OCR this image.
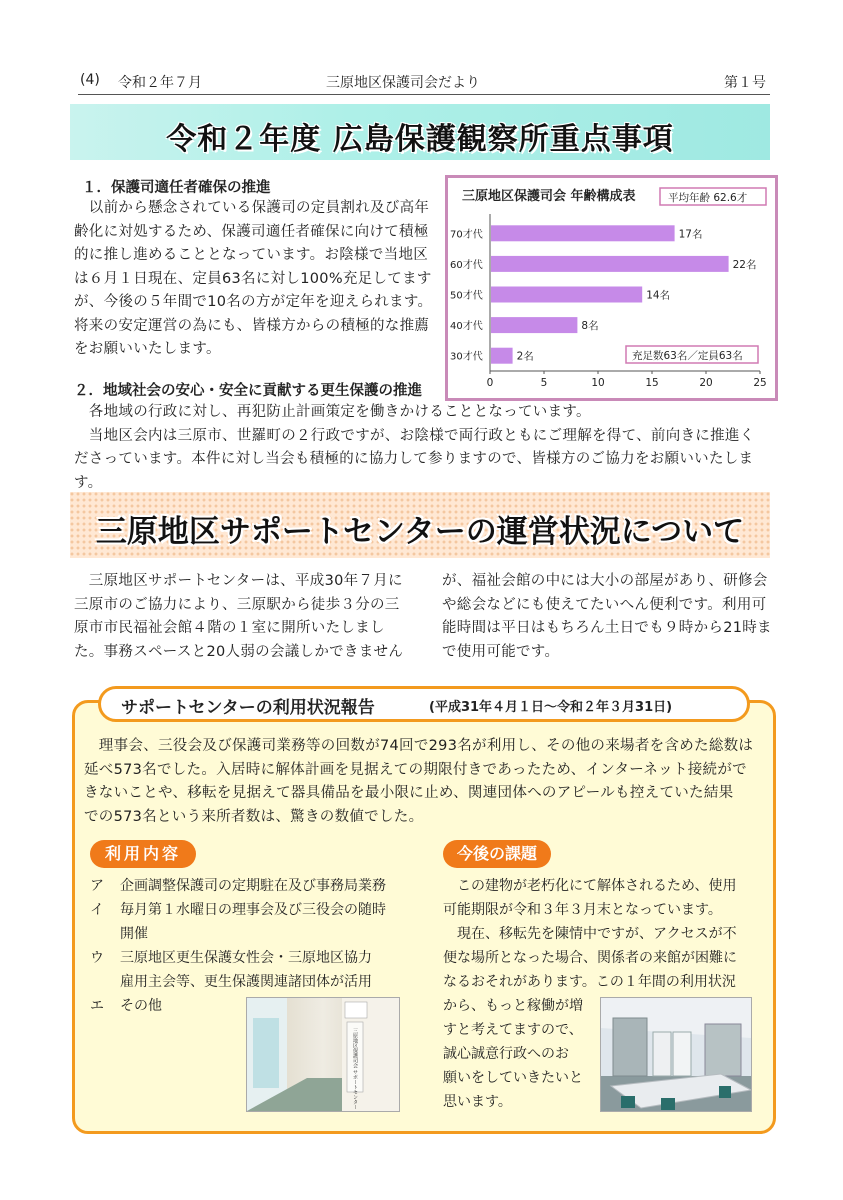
(4) 令和２年７月	三原地区保護司会だより	第１号
令和２年度 広島保護観察所重点事項
１．保護司適任者確保の推進
　以前から懸念されている保護司の定員割れ及び高年
齢化に対処するため、保護司適任者確保に向けて積極
的に推し進めることとなっています。お陰様で当地区
は６月１日現在、定員63名に対し100%充足してます
が、今後の５年間で10名の方が定年を迎えられます。
将来の安定運営の為にも、皆様方からの積極的な推薦
をお願いいたします。
三原地区保護司会 年齢構成表	平均年齢 62.6才
70才代	17名
60才代	22名
50才代	14名
40才代	8名
30才代	2名
0	5	10	15	20	25
充足数63名／定員63名
２．地域社会の安心・安全に貢献する更生保護の推進
　各地域の行政に対し、再犯防止計画策定を働きかけることとなっています。
　当地区会内は三原市、世羅町の２行政ですが、お陰様で両行政ともにご理解を得て、前向きに推進く
ださっています。本件に対し当会も積極的に協力して参りますので、皆様方のご協力をお願いいたします。
三原地区サポートセンターの運営状況について
　三原地区サポートセンターは、平成30年７月に
三原市のご協力により、三原駅から徒歩３分の三
原市市民福祉会館４階の１室に開所いたしまし
た。事務スペースと20人弱の会議しかできません
が、福祉会館の中には大小の部屋があり、研修会
や総会などにも使えてたいへん便利です。利用可
能時間は平日はもちろん土日でも９時から21時ま
で使用可能です。
サポートセンターの利用状況報告	(平成31年４月１日～令和２年３月31日)
　理事会、三役会及び保護司業務等の回数が74回で293名が利用し、その他の来場者を含めた総数は
延べ573名でした。入居時に解体計画を見据えての期限付きであったため、インターネット接続がで
きないことや、移転を見据えて器具備品を最小限に止め、関連団体へのアピールも控えていた結果
での573名という来所者数は、驚きの数値でした。
利用内容
ア 企画調整保護司の定期駐在及び事務局業務
イ 毎月第１水曜日の理事会及び三役会の随時
開催
ウ 三原地区更生保護女性会・三原地区協力
雇用主会等、更生保護関連諸団体が活用
エ その他
今後の課題
　この建物が老朽化にて解体されるため、使用
可能期限が令和３年３月末となっています。
　現在、移転先を陳情中ですが、アクセスが不
便な場所となった場合、関係者の来館が困難に
なるおそれがあります。この１年間の利用状況
から、もっと稼働が増
すと考えてますので、
誠心誠意行政へのお
願いをしていきたいと
思います。
三原地区保護司会 サポートセンター
